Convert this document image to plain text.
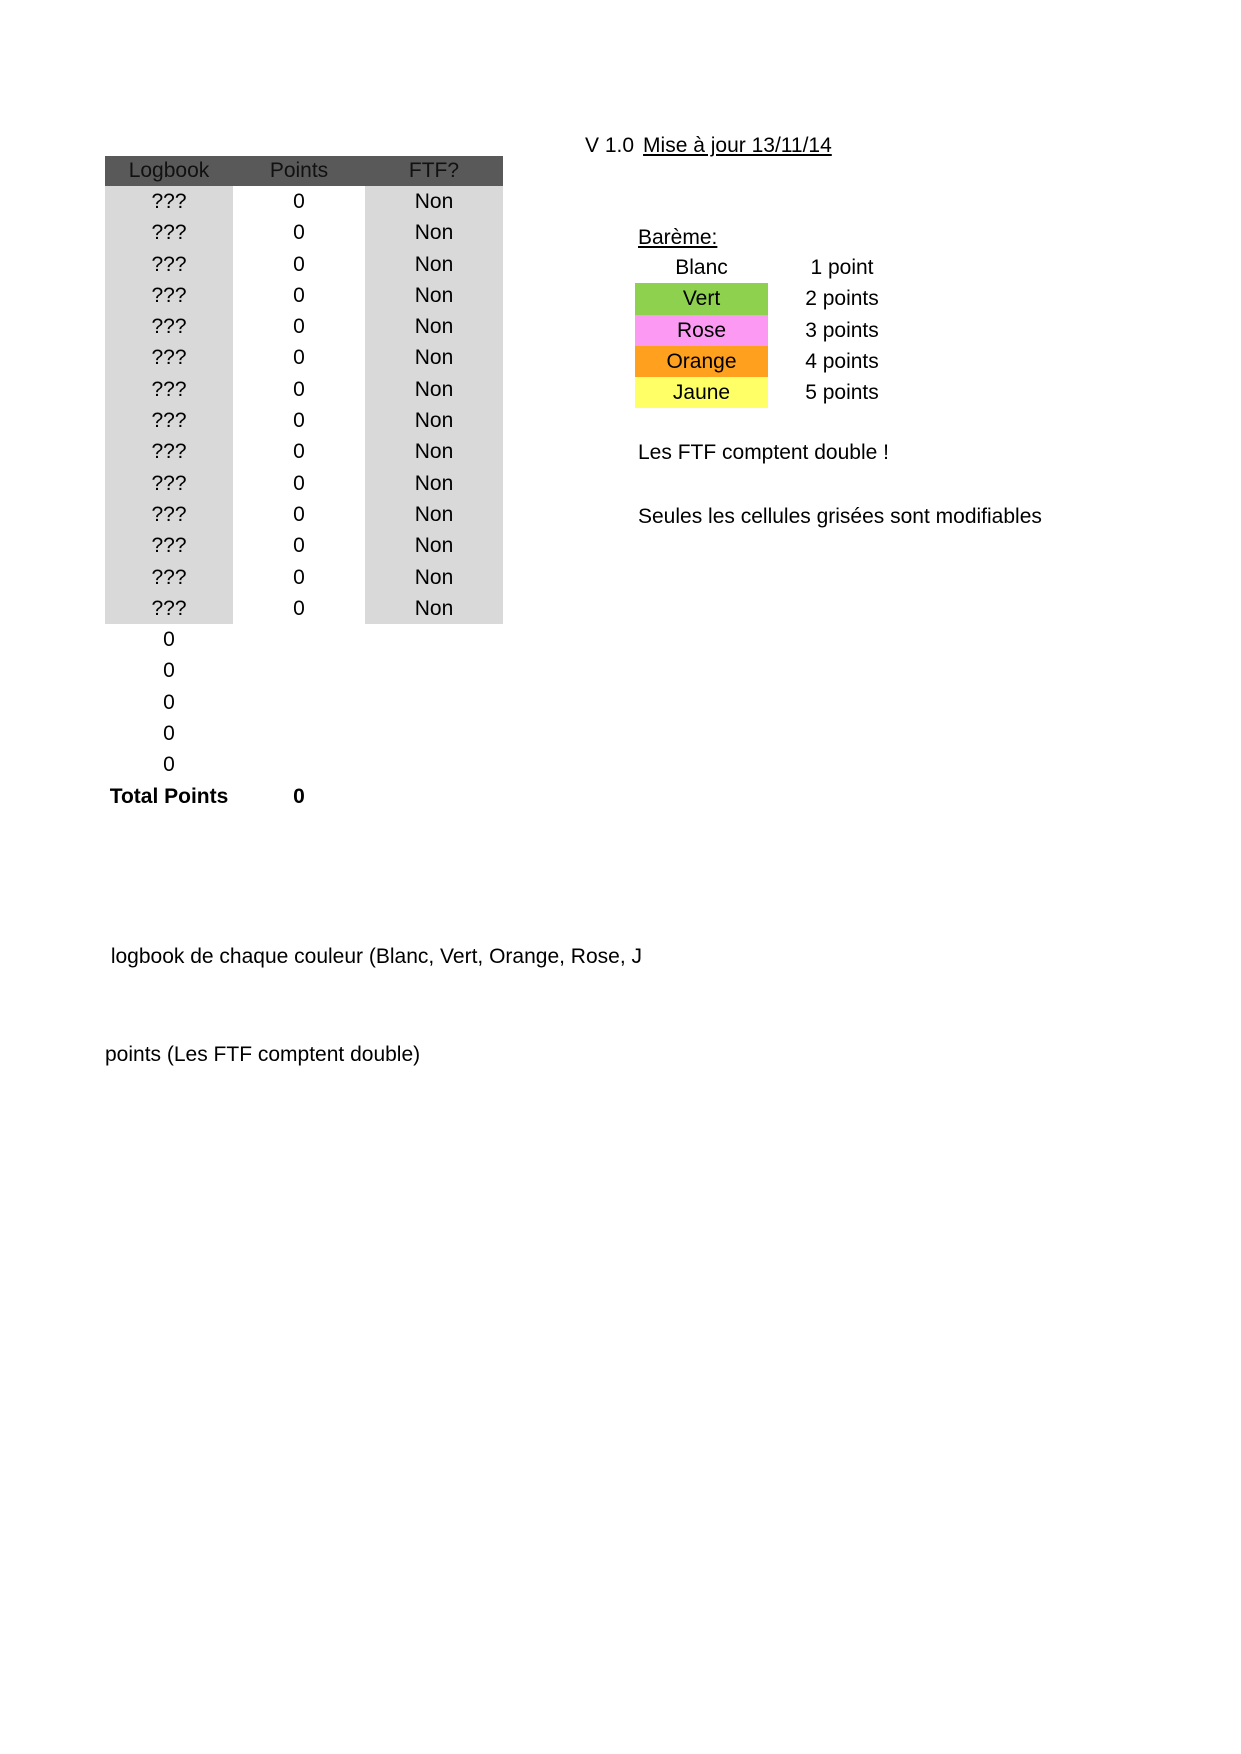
V 1.0 Mise à jour 13/11/14
Logbook	Points	FTF?
???	0	Non
???	0	Non
???	0	Non
???	0	Non
???	0	Non
???	0	Non
???	0	Non
???	0	Non
???	0	Non
???	0	Non
???	0	Non
???	0	Non
???	0	Non
???	0	Non
0
0
0
0
0
Total Points	0
Barème:
Blanc	1 point
Vert	2 points
Rose	3 points
Orange	4 points
Jaune	5 points
Les FTF comptent double !
Seules les cellules grisées sont modifiables

logbook de chaque couleur (Blanc, Vert, Orange, Rose, J

points (Les FTF comptent double)
